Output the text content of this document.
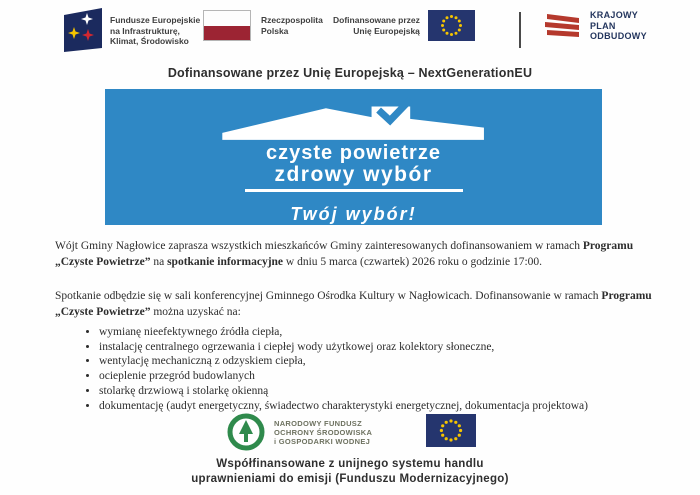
Fundusze Europejskie
na Infrastrukturę,
Klimat, Środowisko
Rzeczpospolita
Polska
Dofinansowane przez
Unię Europejską
KRAJOWY
PLAN
ODBUDOWY
Dofinansowane przez Unię Europejską – NextGenerationEU
czyste powietrze
zdrowy wybór
Twój wybór!
Wójt Gminy Nagłowice zaprasza wszystkich mieszkańców Gminy zainteresowanych dofinansowaniem w ramach Programu „Czyste Powietrze” na spotkanie informacyjne w dniu 5 marca (czwartek) 2026 roku o godzinie 17:00.
Spotkanie odbędzie się w sali konferencyjnej Gminnego Ośrodka Kultury w Nagłowicach. Dofinansowanie w ramach Programu „Czyste Powietrze” można uzyskać na:
• wymianę nieefektywnego źródła ciepła,
• instalację centralnego ogrzewania i ciepłej wody użytkowej oraz kolektory słoneczne,
• wentylację mechaniczną z odzyskiem ciepła,
• ocieplenie przegród budowlanych
• stolarkę drzwiową i stolarkę okienną
• dokumentację (audyt energetyczny, świadectwo charakterystyki energetycznej, dokumentacja projektowa)
NARODOWY FUNDUSZ
OCHRONY ŚRODOWISKA
i GOSPODARKI WODNEJ
Współfinansowane z unijnego systemu handlu
uprawnieniami do emisji (Funduszu Modernizacyjnego)
